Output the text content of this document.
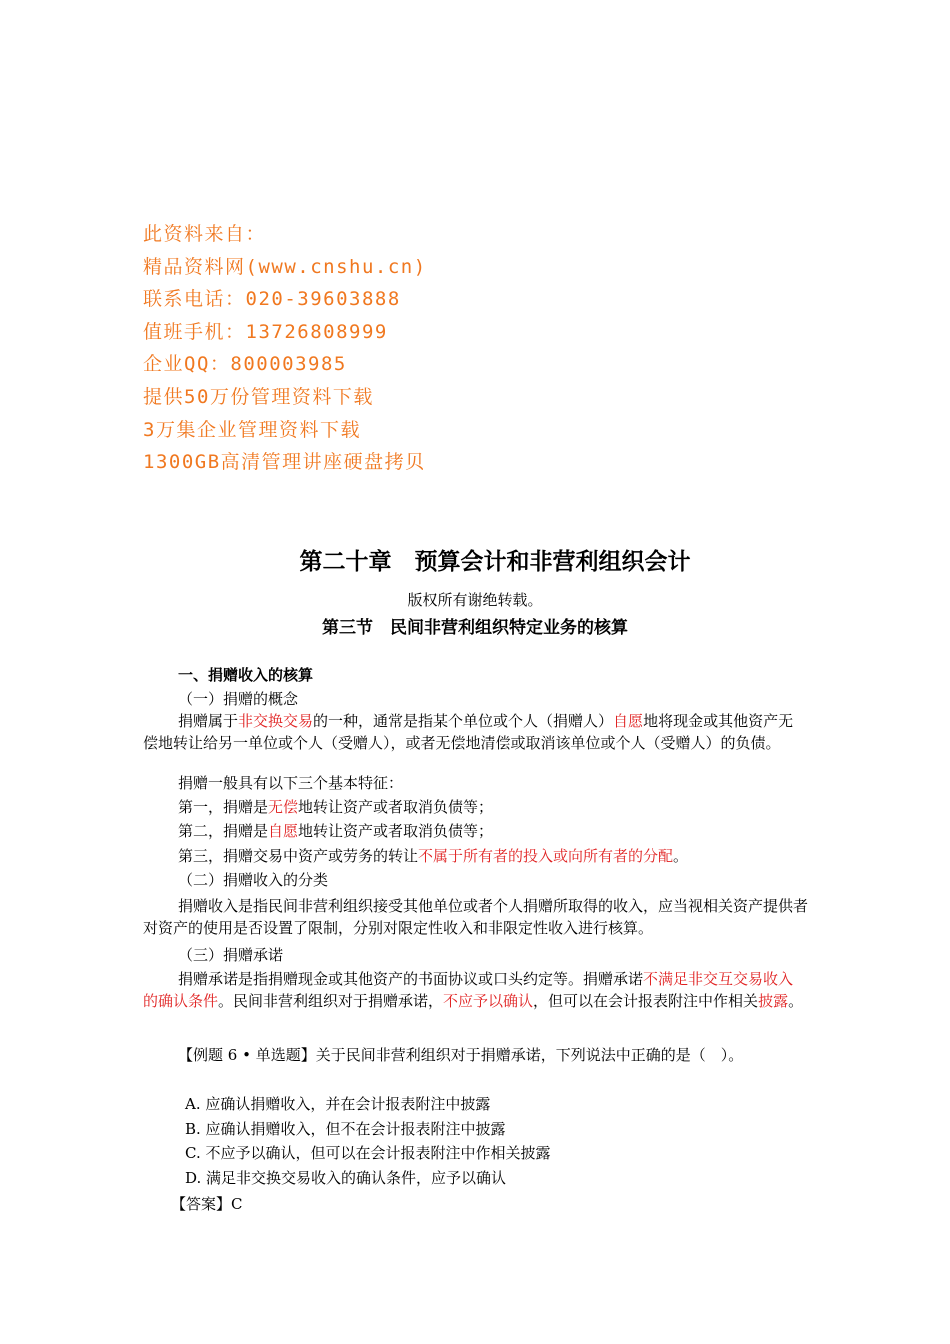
此资料来自：
精品资料网(www.cnshu.cn)
联系电话：020-39603888
值班手机：13726808999
企业QQ：800003985
提供50万份管理资料下载
3万集企业管理资料下载
1300GB高清管理讲座硬盘拷贝
第二十章　预算会计和非营利组织会计
版权所有谢绝转载。
第三节　民间非营利组织特定业务的核算
一、捐赠收入的核算
（一）捐赠的概念
捐赠属于非交换交易的一种，通常是指某个单位或个人（捐赠人）自愿地将现金或其他资产无偿地转让给另一单位或个人（受赠人），或者无偿地清偿或取消该单位或个人（受赠人）的负债。
捐赠一般具有以下三个基本特征：
第一，捐赠是无偿地转让资产或者取消负债等；
第二，捐赠是自愿地转让资产或者取消负债等；
第三，捐赠交易中资产或劳务的转让不属于所有者的投入或向所有者的分配。
（二）捐赠收入的分类
捐赠收入是指民间非营利组织接受其他单位或者个人捐赠所取得的收入，应当视相关资产提供者对资产的使用是否设置了限制，分别对限定性收入和非限定性收入进行核算。
（三）捐赠承诺
捐赠承诺是指捐赠现金或其他资产的书面协议或口头约定等。捐赠承诺不满足非交互交易收入的确认条件。民间非营利组织对于捐赠承诺，不应予以确认，但可以在会计报表附注中作相关披露。
【例题 6 • 单选题】关于民间非营利组织对于捐赠承诺，下列说法中正确的是（　）。
A. 应确认捐赠收入，并在会计报表附注中披露
B. 应确认捐赠收入，但不在会计报表附注中披露
C. 不应予以确认，但可以在会计报表附注中作相关披露
D. 满足非交换交易收入的确认条件，应予以确认
【答案】C
